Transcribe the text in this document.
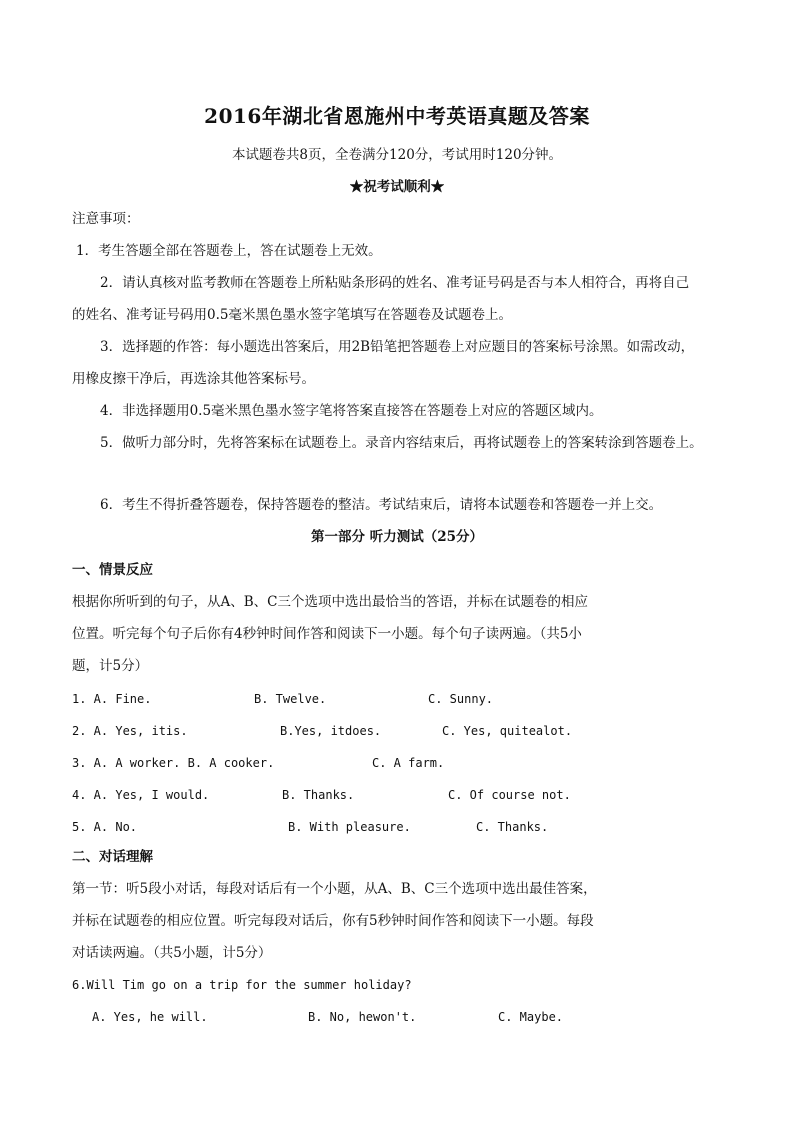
2016年湖北省恩施州中考英语真题及答案
本试题卷共8页，全卷满分120分，考试用时120分钟。
★祝考试顺利★
注意事项：
1．考生答题全部在答题卷上，答在试题卷上无效。
2．请认真核对监考教师在答题卷上所粘贴条形码的姓名、准考证号码是否与本人相符合，再将自己
的姓名、准考证号码用0.5毫米黑色墨水签字笔填写在答题卷及试题卷上。
3．选择题的作答：每小题选出答案后，用2B铅笔把答题卷上对应题目的答案标号涂黑。如需改动，
用橡皮擦干净后，再选涂其他答案标号。
4．非选择题用0.5毫米黑色墨水签字笔将答案直接答在答题卷上对应的答题区域内。
5．做听力部分时，先将答案标在试题卷上。录音内容结束后，再将试题卷上的答案转涂到答题卷上。
6．考生不得折叠答题卷，保持答题卷的整洁。考试结束后，请将本试题卷和答题卷一并上交。
第一部分 听力测试（25分）
一、情景反应
根据你所听到的句子，从A、B、C三个选项中选出最恰当的答语，并标在试题卷的相应
位置。听完每个句子后你有4秒钟时间作答和阅读下一小题。每个句子读两遍。（共5小
题，计5分）
1. A. Fine.	B. Twelve.	C. Sunny.
2. A. Yes, itis.	B.Yes, itdoes.	C. Yes, quitealot.
3. A. A worker. B. A cooker.	C. A farm.
4. A. Yes, I would.	B. Thanks.	C. Of course not.
5. A. No.	B. With pleasure.	C. Thanks.
二、对话理解
第一节：听5段小对话，每段对话后有一个小题，从A、B、C三个选项中选出最佳答案，
并标在试题卷的相应位置。听完每段对话后，你有5秒钟时间作答和阅读下一小题。每段
对话读两遍。（共5小题，计5分）
6.Will Tim go on a trip for the summer holiday?
A. Yes, he will.	B. No, hewon't.	C. Maybe.
